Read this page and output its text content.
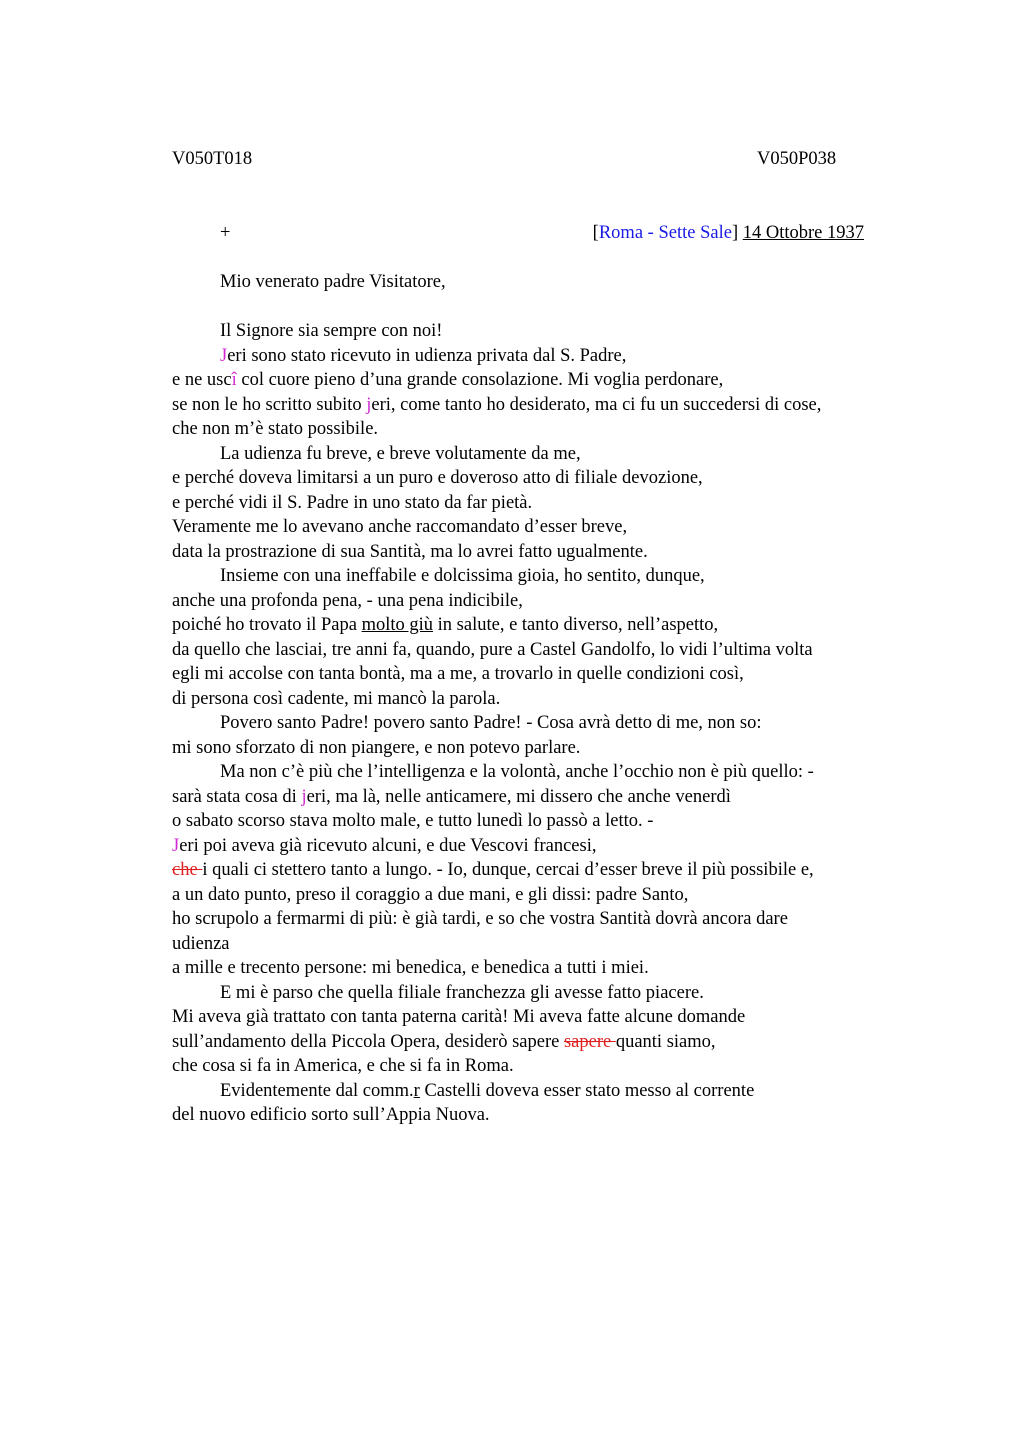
V050T018	V050P038
+	[Roma - Sette Sale] 14 Ottobre 1937
Mio venerato padre Visitatore,
Il Signore sia sempre con noi!
Jeri sono stato ricevuto in udienza privata dal S. Padre,
e ne uscî col cuore pieno d’una grande consolazione. Mi voglia perdonare,
se non le ho scritto subito jeri, come tanto ho desiderato, ma ci fu un succedersi di cose,
che non m’è stato possibile.
La udienza fu breve, e breve volutamente da me,
e perché doveva limitarsi a un puro e doveroso atto di filiale devozione,
e perché vidi il S. Padre in uno stato da far pietà.
Veramente me lo avevano anche raccomandato d’esser breve,
data la prostrazione di sua Santità, ma lo avrei fatto ugualmente.
Insieme con una ineffabile e dolcissima gioia, ho sentito, dunque,
anche una profonda pena, - una pena indicibile,
poiché ho trovato il Papa molto giù in salute, e tanto diverso, nell’aspetto,
da quello che lasciai, tre anni fa, quando, pure a Castel Gandolfo, lo vidi l’ultima volta
egli mi accolse con tanta bontà, ma a me, a trovarlo in quelle condizioni così,
di persona così cadente, mi mancò la parola.
Povero santo Padre! povero santo Padre! - Cosa avrà detto di me, non so:
mi sono sforzato di non piangere, e non potevo parlare.
Ma non c’è più che l’intelligenza e la volontà, anche l’occhio non è più quello: -
sarà stata cosa di jeri, ma là, nelle anticamere, mi dissero che anche venerdì
o sabato scorso stava molto male, e tutto lunedì lo passò a letto. -
Jeri poi aveva già ricevuto alcuni, e due Vescovi francesi,
che i quali ci stettero tanto a lungo. - Io, dunque, cercai d’esser breve il più possibile e,
a un dato punto, preso il coraggio a due mani, e gli dissi: padre Santo,
ho scrupolo a fermarmi di più: è già tardi, e so che vostra Santità dovrà ancora dare
udienza
a mille e trecento persone: mi benedica, e benedica a tutti i miei.
E mi è parso che quella filiale franchezza gli avesse fatto piacere.
Mi aveva già trattato con tanta paterna carità! Mi aveva fatte alcune domande
sull’andamento della Piccola Opera, desiderò sapere sapere quanti siamo,
che cosa si fa in America, e che si fa in Roma.
Evidentemente dal comm.r Castelli doveva esser stato messo al corrente
del nuovo edificio sorto sull’Appia Nuova.
